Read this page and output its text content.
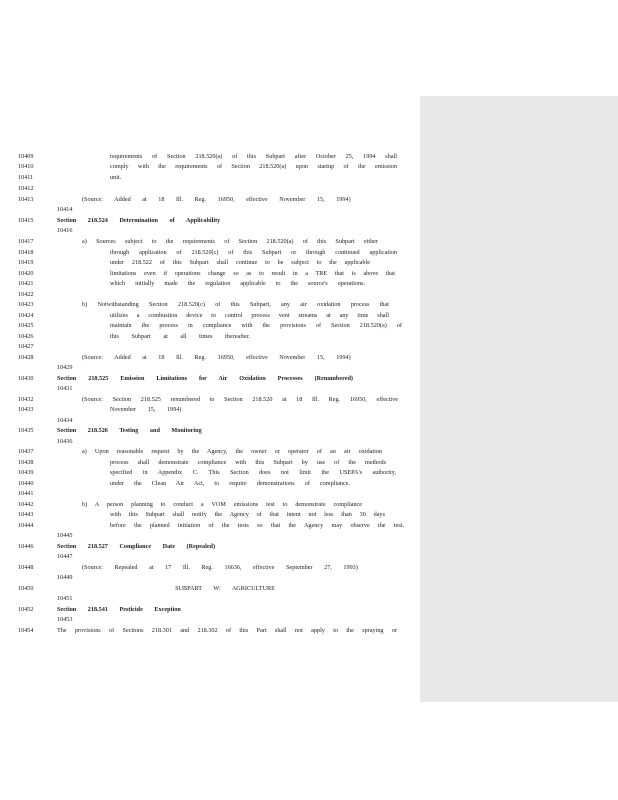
10409	requirements of Section 218.520(a) of this Subpart after October 25, 1994 shall
10410	comply with the requirements of Section 218.520(a) upon startup of the emission
10411	unit.
10412
10413	(Source: Added at 18 Ill. Reg. 16950, effective November 15, 1994)
10415	Section 218.524 Determination of Applicability
10417	a) Sources subject to the requirements of Section 218.520(a) of this Subpart either
10418	through application of 218.520(c) of this Subpart or through continued application
10419	under 218.522 of this Subpart shall continue to be subject to the applicable
10420	limitations even if operations change so as to result in a TRE that is above that
10421	which initially made the regulation applicable to the source's operations.
10422
10423	b) Notwithstanding Section 218.520(c) of this Subpart, any air oxidation process that
10424	utilizes a combustion device to control process vent streams at any time shall
10425	maintain the process in compliance with the provisions of Section 218.520(a) of
10426	this Subpart at all times thereafter.
10427
10428	(Source: Added at 18 Ill. Reg. 16950, effective November 15, 1994)
10430	Section 218.525 Emission Limitations for Air Oxidation Processes (Renumbered)
10432	(Source: Section 218.525 renumbered to Section 218.520 at 18 Ill. Reg. 16950, effective
10433	November 15, 1994)
10435	Section 218.526 Testing and Monitoring
10437	a) Upon reasonable request by the Agency, the owner or operator of an air oxidation
10438	process shall demonstrate compliance with this Subpart by use of the methods
10439	specified in Appendix C. This Section does not limit the USEPA's authority,
10440	under the Clean Air Act, to require demonstrations of compliance.
10441
10442	b) A person planning to conduct a VOM emissions test to demonstrate compliance
10443	with this Subpart shall notify the Agency of that intent not less than 30 days
10444	before the planned initiation of the tests so that the Agency may observe the test.
10446	Section 218.527 Compliance Date (Repealed)
10448	(Source: Repealed at 17 Ill. Reg. 16636, effective September 27, 1993)
10450	SUBPART W: AGRICULTURE
10452	Section 218.541 Pesticide Exception
10454	The provisions of Sections 218.301 and 218.302 of this Part shall not apply to the spraying or
10414
10416
10429
10431
10434
10436
10445
10447
10449
10451
10453
